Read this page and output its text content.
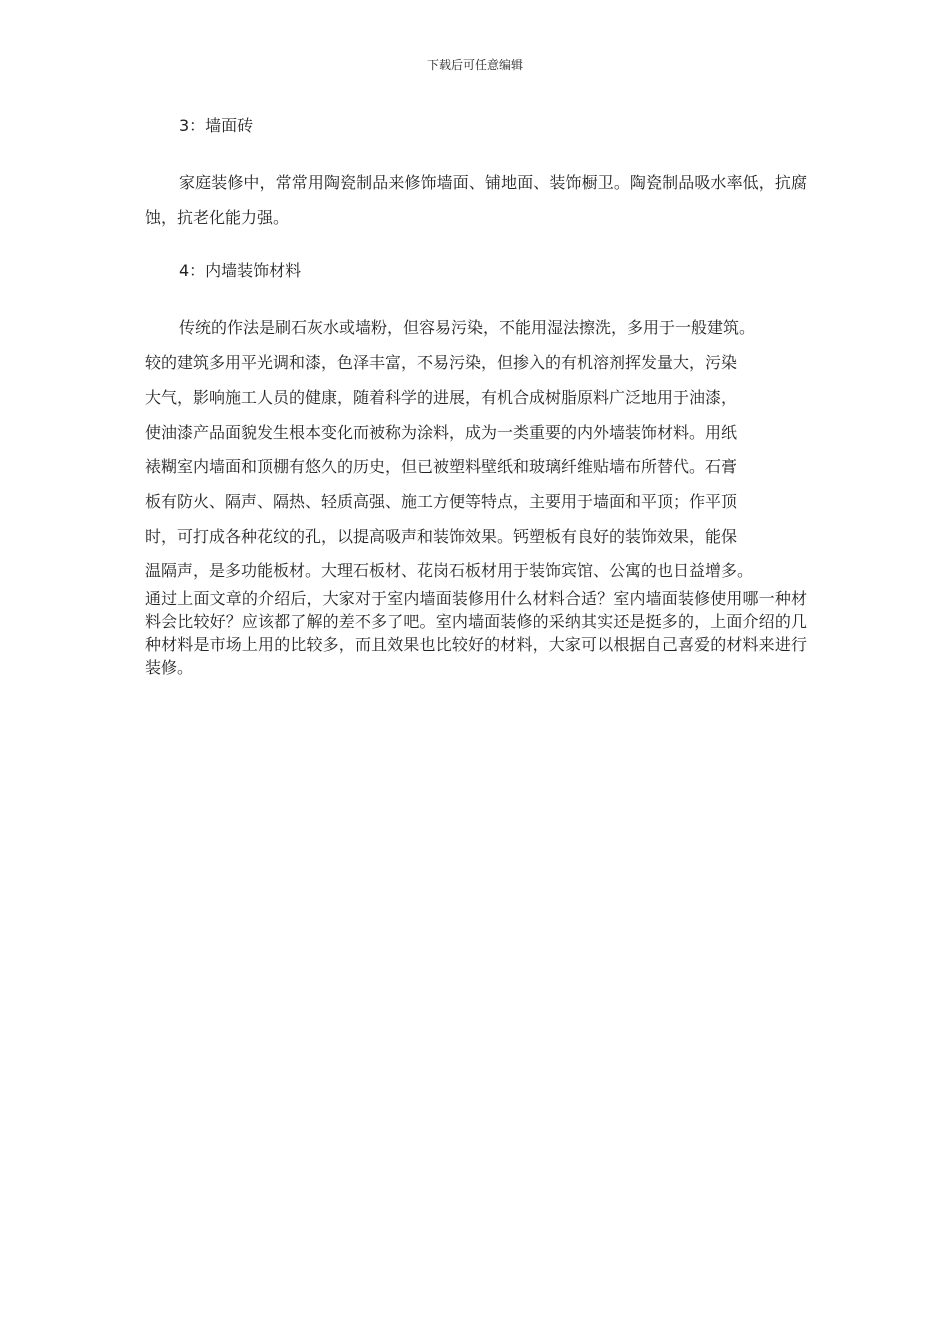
下载后可任意编辑

3：墙面砖

家庭装修中，常常用陶瓷制品来修饰墙面、铺地面、装饰橱卫。陶瓷制品吸水率低，抗腐蚀，抗老化能力强。

4：内墙装饰材料

传统的作法是刷石灰水或墙粉，但容易污染，不能用湿法擦洗，多用于一般建筑。
较的建筑多用平光调和漆，色泽丰富，不易污染，但掺入的有机溶剂挥发量大，污染
大气，影响施工人员的健康，随着科学的进展，有机合成树脂原料广泛地用于油漆，
使油漆产品面貌发生根本变化而被称为涂料，成为一类重要的内外墙装饰材料。用纸
裱糊室内墙面和顶棚有悠久的历史，但已被塑料壁纸和玻璃纤维贴墙布所替代。石膏
板有防火、隔声、隔热、轻质高强、施工方便等特点，主要用于墙面和平顶；作平顶
时，可打成各种花纹的孔，以提高吸声和装饰效果。钙塑板有良好的装饰效果，能保
温隔声，是多功能板材。大理石板材、花岗石板材用于装饰宾馆、公寓的也日益增多。

通过上面文章的介绍后，大家对于室内墙面装修用什么材料合适？室内墙面装修使用哪一种材料会比较好？应该都了解的差不多了吧。室内墙面装修的采纳其实还是挺多的，上面介绍的几种材料是市场上用的比较多，而且效果也比较好的材料，大家可以根据自己喜爱的材料来进行装修。
